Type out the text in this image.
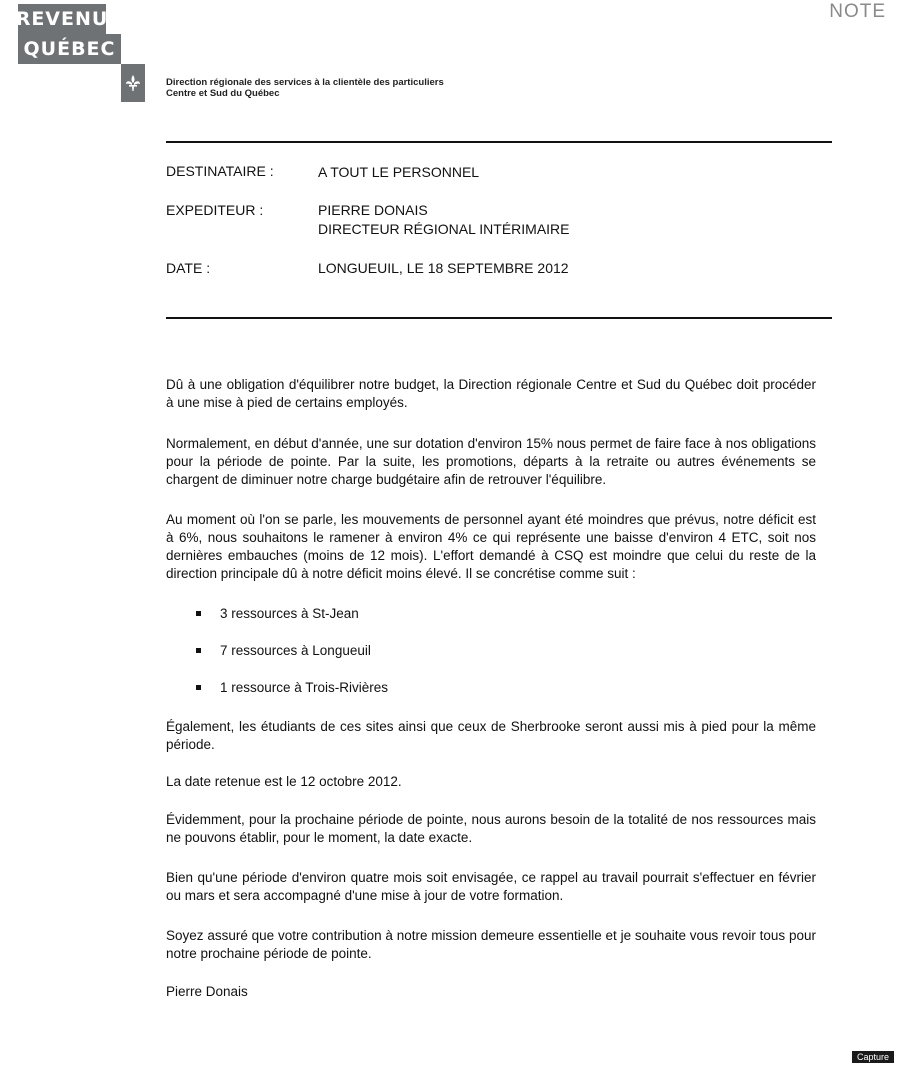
REVENU
QUÉBEC
NOTE
Direction régionale des services à la clientèle des particuliers
Centre et Sud du Québec
DESTINATAIRE :	A TOUT LE PERSONNEL
EXPEDITEUR :	PIERRE DONAIS
DIRECTEUR RÉGIONAL INTÉRIMAIRE
DATE :	LONGUEUIL, LE 18 SEPTEMBRE 2012

Dû à une obligation d'équilibrer notre budget, la Direction régionale Centre et Sud du Québec doit procéder à une mise à pied de certains employés.

Normalement, en début d'année, une sur dotation d'environ 15% nous permet de faire face à nos obligations pour la période de pointe. Par la suite, les promotions, départs à la retraite ou autres événements se chargent de diminuer notre charge budgétaire afin de retrouver l'équilibre.

Au moment où l'on se parle, les mouvements de personnel ayant été moindres que prévus, notre déficit est à 6%, nous souhaitons le ramener à environ 4% ce qui représente une baisse d'environ 4 ETC, soit nos dernières embauches (moins de 12 mois). L'effort demandé à CSQ est moindre que celui du reste de la direction principale dû à notre déficit moins élevé. Il se concrétise comme suit :

3 ressources à St-Jean
7 ressources à Longueuil
1 ressource à Trois-Rivières

Également, les étudiants de ces sites ainsi que ceux de Sherbrooke seront aussi mis à pied pour la même période.

La date retenue est le 12 octobre 2012.

Évidemment, pour la prochaine période de pointe, nous aurons besoin de la totalité de nos ressources mais ne pouvons établir, pour le moment, la date exacte.

Bien qu'une période d'environ quatre mois soit envisagée, ce rappel au travail pourrait s'effectuer en février ou mars et sera accompagné d'une mise à jour de votre formation.

Soyez assuré que votre contribution à notre mission demeure essentielle et je souhaite vous revoir tous pour notre prochaine période de pointe.

Pierre Donais
Capture
